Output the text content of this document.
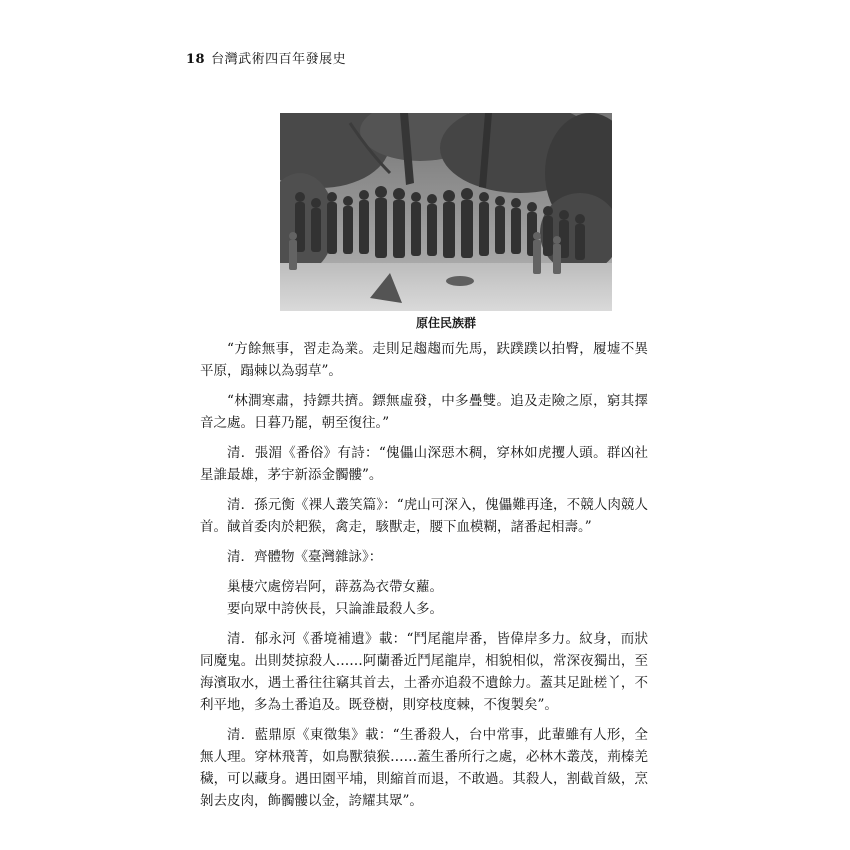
18 台灣武術四百年發展史
原住民族群

“方餘無事，習走為業。走則足趨趨而先馬，趺蹼蹼以拍臀，履墟不異平原，蹋棘以為弱草”。

“林澗寒肅，持鏢共擠。鏢無虛發，中多疊雙。追及走險之原，窮其擇音之處。日暮乃罷，朝至復往。”

清．張湄《番俗》有詩：“傀儡山深惡木稠，穿林如虎攫人頭。群凶社星誰最雄，茅宇新添金髑髏”。

清．孫元衡《裸人叢笑篇》：“虎山可深入，傀儡難再逢，不競人肉競人首。馘首委肉於耙猴，禽走，駭獸走，腰下血模糊，諸番起相壽。”

清．齊體物《臺灣雜詠》：

巢棲穴處傍岩阿，薜荔為衣帶女蘿。
要向眾中誇俠長，只論誰最殺人多。

清．郁永河《番境補遺》載：“鬥尾龍岸番，皆偉岸多力。紋身，而狀同魔鬼。出則焚掠殺人……阿蘭番近鬥尾龍岸，相貌相似，常深夜獨出，至海濱取水，遇土番往往竊其首去，土番亦追殺不遺餘力。蓋其足趾槎丫，不利平地，多為土番追及。既登樹，則穿枝度棘，不復製矣”。

清．藍鼎原《東徵集》載：“生番殺人，台中常事，此輩雖有人形，全無人理。穿林飛菁，如鳥獸猿猴……蓋生番所行之處，必林木叢茂，荊榛羌穢，可以藏身。遇田園平埔，則縮首而退，不敢過。其殺人，割截首級，烹剝去皮肉，飾髑髏以金，誇耀其眾”。
